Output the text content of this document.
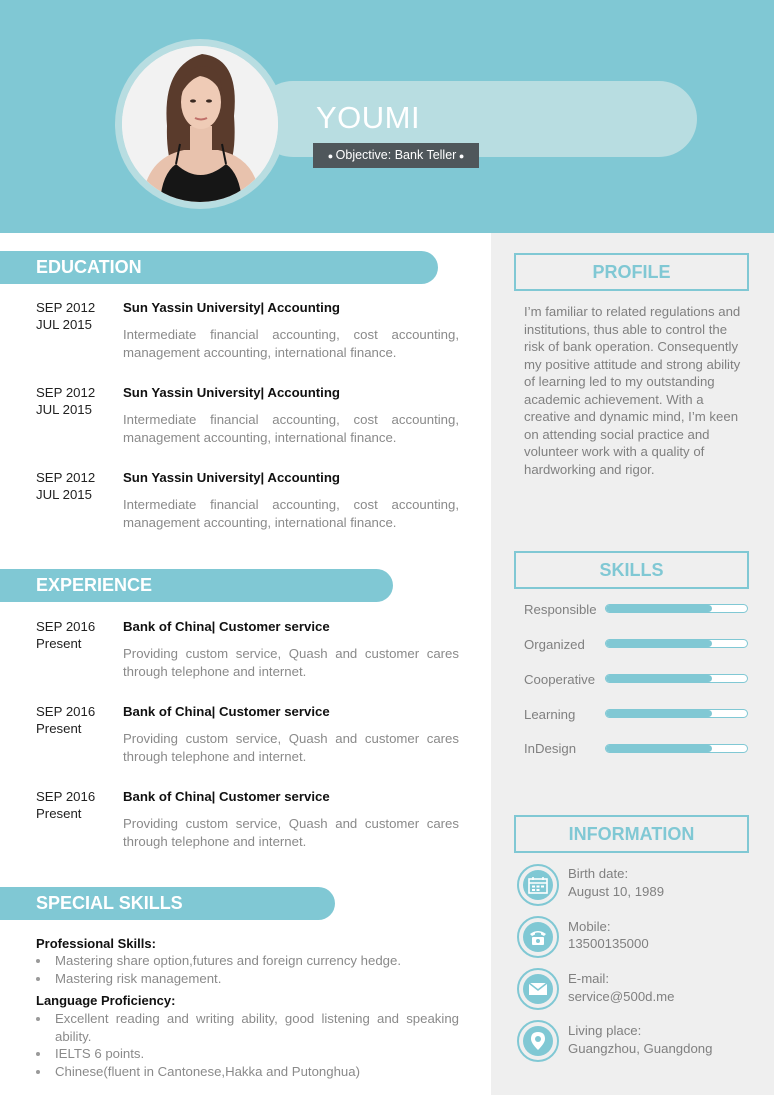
YOUMI
● Objective: Bank Teller ●
PROFILE
I’m familiar to related regulations and institutions, thus able to control the risk of bank operation. Consequently my positive attitude and strong ability of learning led to my outstanding academic achievement. With a creative and dynamic mind, I’m keen on attending social practice and volunteer work with a quality of hardworking and rigor.
SKILLS
Responsible
Organized
Cooperative
Learning
InDesign
INFORMATION
Birth date:
August 10, 1989
Mobile:
13500135000
E-mail:
service@500d.me
Living place:
Guangzhou, Guangdong
EDUCATION
SEP 2012
JUL 2015
Sun Yassin University| Accounting
Intermediate financial accounting, cost accounting, management accounting, international finance.
SEP 2012
JUL 2015
Sun Yassin University| Accounting
Intermediate financial accounting, cost accounting, management accounting, international finance.
SEP 2012
JUL 2015
Sun Yassin University| Accounting
Intermediate financial accounting, cost accounting, management accounting, international finance.
EXPERIENCE
SEP 2016
Present
Bank of China| Customer service
Providing custom service, Quash and customer cares through telephone and internet.
SEP 2016
Present
Bank of China| Customer service
Providing custom service, Quash and customer cares through telephone and internet.
SEP 2016
Present
Bank of China| Customer service
Providing custom service, Quash and customer cares through telephone and internet.
SPECIAL SKILLS
Professional Skills:
Mastering share option,futures and foreign currency hedge.
Mastering risk management.
Language Proficiency:
Excellent reading and writing ability, good listening and speaking ability.
IELTS 6 points.
Chinese(fluent in Cantonese,Hakka and Putonghua)
